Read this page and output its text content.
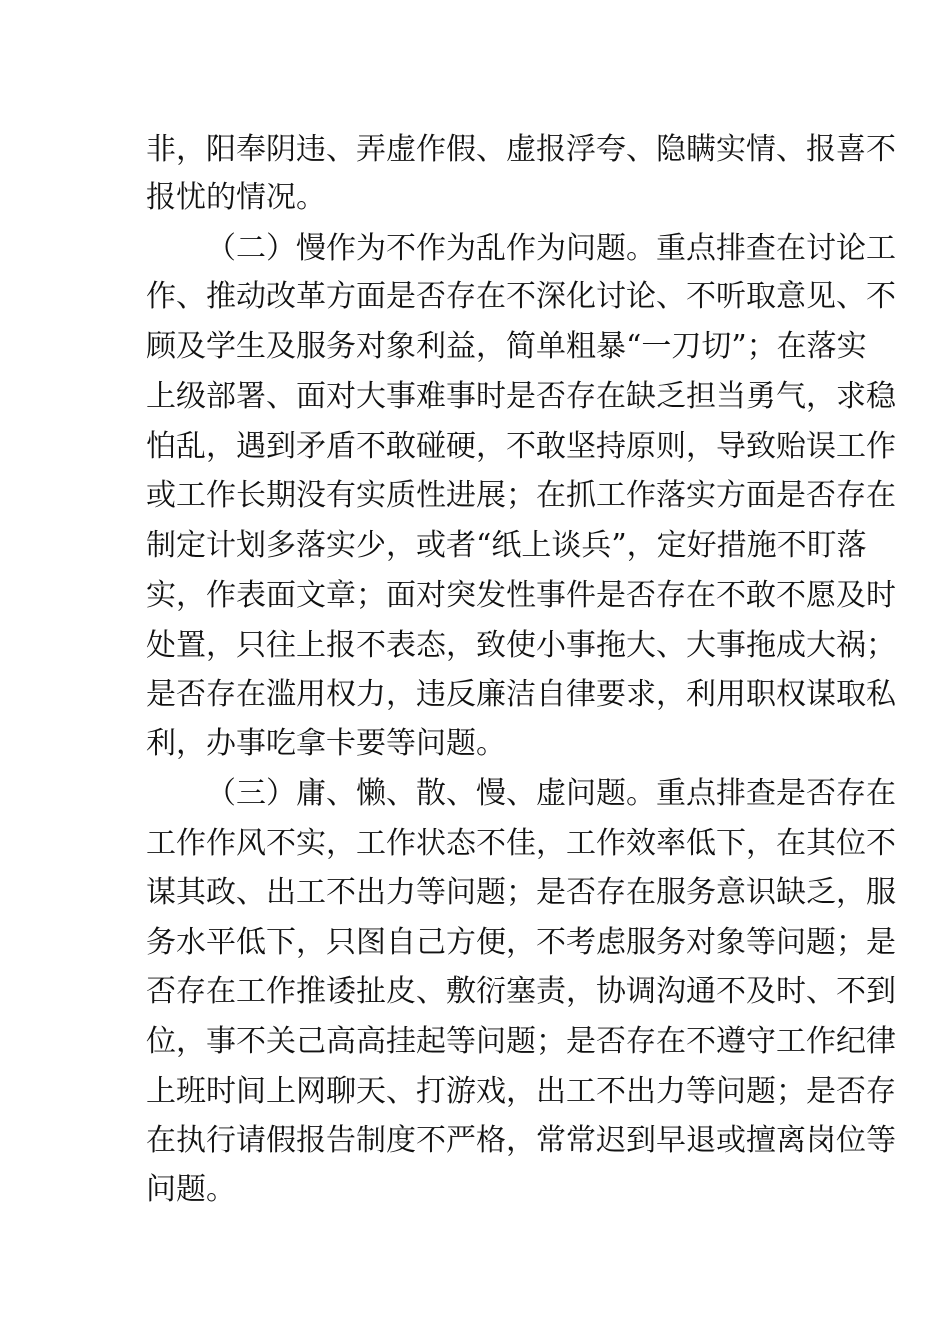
非，阳奉阴违、弄虚作假、虚报浮夸、隐瞒实情、报喜不
报忧的情况。
（二）慢作为不作为乱作为问题。重点排查在讨论工
作、推动改革方面是否存在不深化讨论、不听取意见、不
顾及学生及服务对象利益，简单粗暴“一刀切”；在落实
上级部署、面对大事难事时是否存在缺乏担当勇气，求稳
怕乱，遇到矛盾不敢碰硬，不敢坚持原则，导致贻误工作
或工作长期没有实质性进展；在抓工作落实方面是否存在
制定计划多落实少，或者“纸上谈兵”，定好措施不盯落
实，作表面文章；面对突发性事件是否存在不敢不愿及时
处置，只往上报不表态，致使小事拖大、大事拖成大祸；
是否存在滥用权力，违反廉洁自律要求，利用职权谋取私
利，办事吃拿卡要等问题。
（三）庸、懒、散、慢、虚问题。重点排查是否存在
工作作风不实，工作状态不佳，工作效率低下，在其位不
谋其政、出工不出力等问题；是否存在服务意识缺乏，服
务水平低下，只图自己方便，不考虑服务对象等问题；是
否存在工作推诿扯皮、敷衍塞责，协调沟通不及时、不到
位，事不关己高高挂起等问题；是否存在不遵守工作纪律
上班时间上网聊天、打游戏，出工不出力等问题；是否存
在执行请假报告制度不严格，常常迟到早退或擅离岗位等
问题。
